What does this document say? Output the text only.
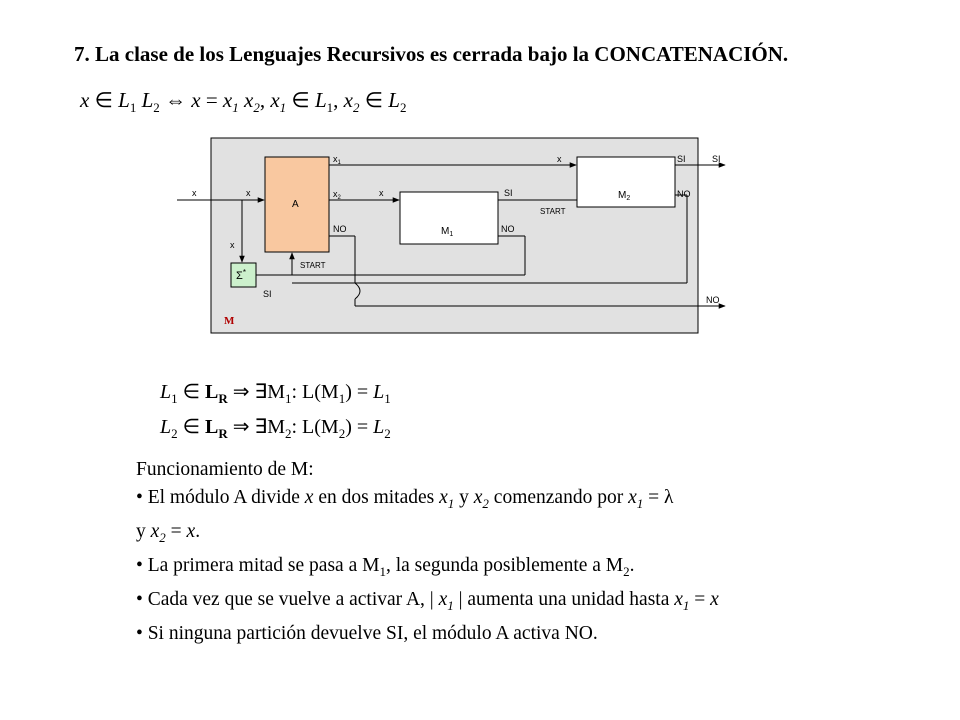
7. La clase de los Lenguajes Recursivos es cerrada bajo la CONCATENACIÓN.
x ∈ $L_1$ $L_2$ ⇔ $x = x_1$ $x_2$, $x_1$ ∈ $L_1$, $x_2$ ∈ $L_2$
M
A
$M_1$
$M_2$
Σ*
x	x
x
$x_1$
$x_2$	x
x
NO
SI
NO
START
SI
NO
SI
NO
START
SI
$L_1$ ∈ $L_R$ ⇒ $\exists M_1$: $L(M_1) = L_1$
$L_2$ ∈ $L_R$ ⇒ $\exists M_2$: $L(M_2) = L_2$
Funcionamiento de M:
• El módulo A divide x en dos mitades $x_1$ y $x_2$ comenzando por $x_1 = \lambda$
y $x_2 = x$.
• La primera mitad se pasa a $M_1$, la segunda posiblemente a $M_2$.
• Cada vez que se vuelve a activar A, | $x_1$ | aumenta una unidad hasta $x_1 = x$
• Si ninguna partición devuelve SI, el módulo A activa NO.
